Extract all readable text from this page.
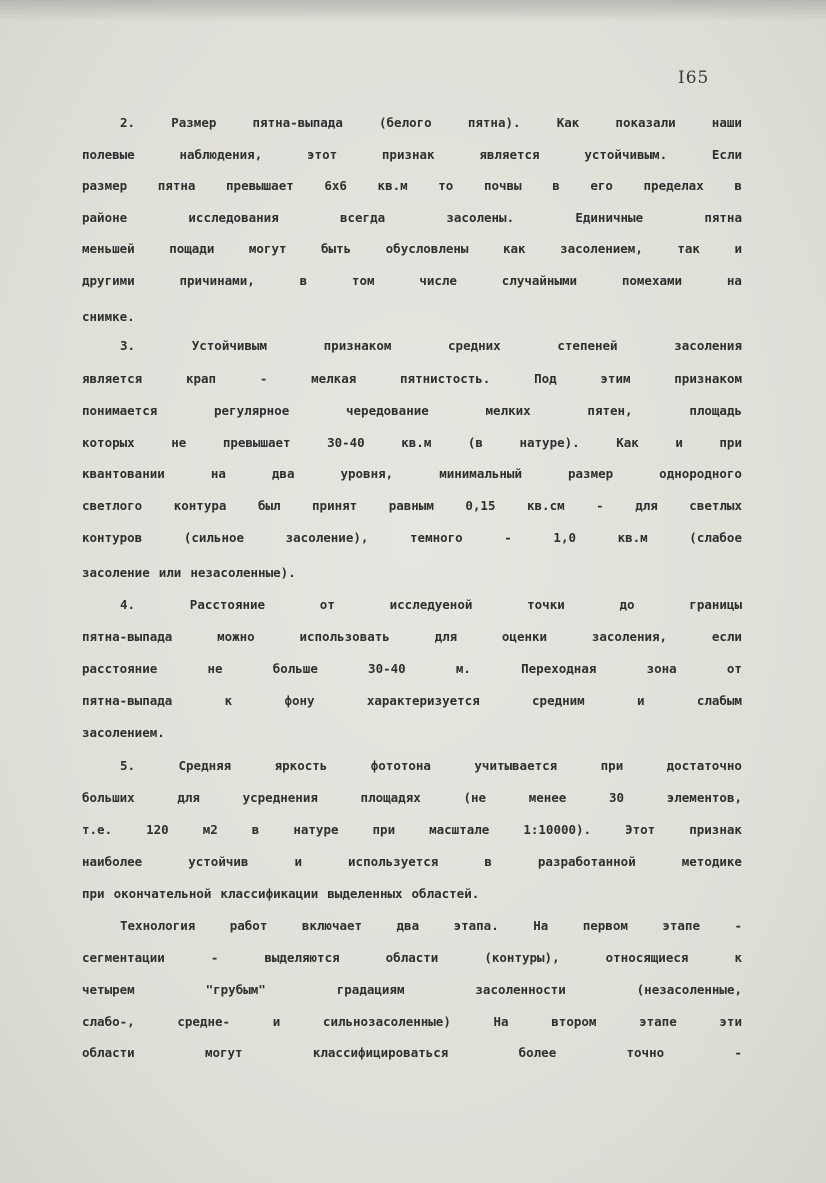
I65
2.	Размер	пятна-выпада	(белого	пятна).	Как	показали	наши
полевые	наблюдения,	этот	признак	является	устойчивым.	Если
размер пятна превышает 6х6 кв.м то почвы в его пределах в
районе	исследования	всегда	засолены.	Единичные	пятна
меньшей	пощади	могут	быть	обусловлены	как	засолением,	так	и
другими	причинами,	в	том	числе	случайными	помехами	на
снимке.
3.	Устойчивым	признаком	средних	степеней	засоления
является	крап	-	мелкая	пятнистость.	Под	этим	признаком
понимается	регулярное	чередование	мелких	пятен,	площадь
которых	не	превышает	30-40	кв.м	(в	натуре).	Как	и	при
квантовании	на	два	уровня,	минимальный	размер	однородного
светлого	контура	был	принят	равным	0,15	кв.см	-	для	светлых
контуров	(сильное	засоление),	темного	-	1,0	кв.м	(слабое
засоление или незасоленные).
4.	Расстояние	от	исследуеной	точки	до	границы
пятна-выпада	можно	использовать	для	оценки	засоления,	если
расстояние	не	больше	30-40	м.	Переходная	зона	от
пятна-выпада	к	фону	характеризуется	средним	и	слабым
засолением.
5.	Средняя	яркость	фототона	учитывается	при	достаточно
больших	для	усреднения	площадях	(не	менее	30	элементов,
т.е.	120	м2	в	натуре	при	масштале	1:10000).	Этот	признак
наиболее	устойчив	и	используется	в	разработанной	методике
при окончательной классификации выделенных областей.
Технология	работ	включает	два	этапа.	На	первом	этапе	-
сегментации	-	выделяются	области	(контуры),	относящиеся	к
четырем	"грубым"	градациям	засоленности	(незасоленные,
слабо-,	средне-	и	сильнозасоленные)	На	втором	этапе	эти
области	могут	классифицироваться	более	точно	-
